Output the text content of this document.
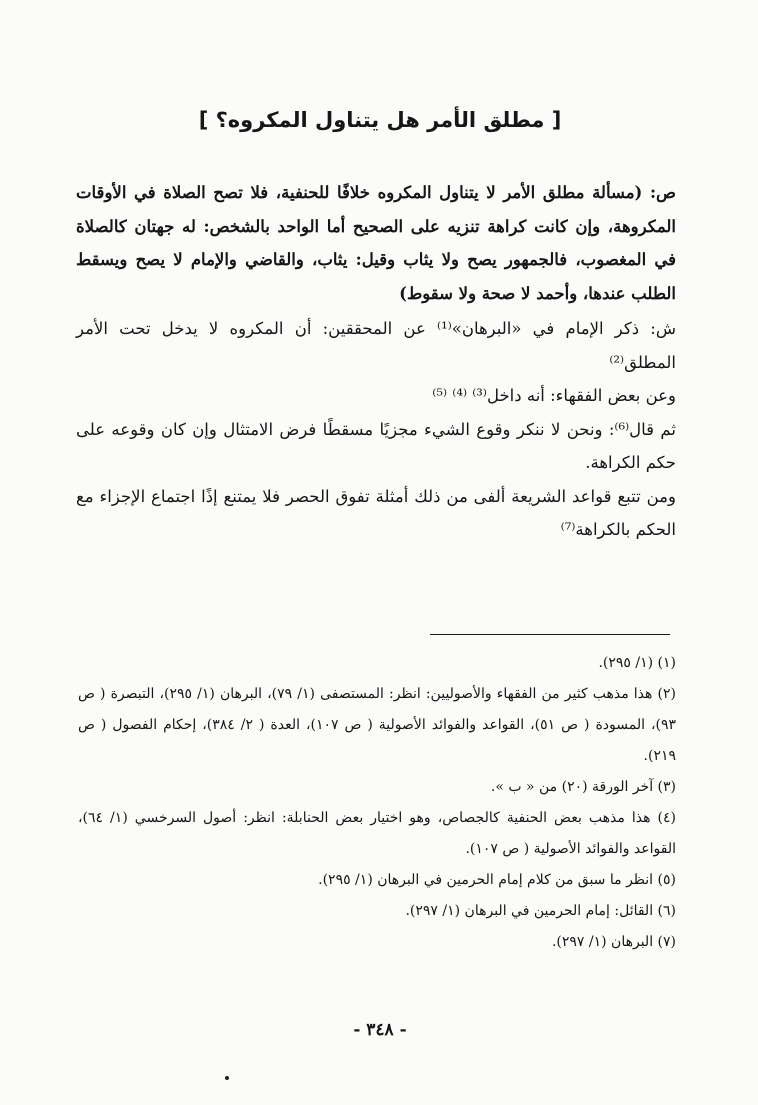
[ مطلق الأمر هل يتناول المكروه؟ ]

ص: (مسألة مطلق الأمر لا يتناول المكروه خلافًا للحنفية، فلا تصح الصلاة في الأوقات المكروهة، وإن كانت كراهة تنزيه على الصحيح أما الواحد بالشخص: له جهتان كالصلاة في المغصوب، فالجمهور يصح ولا يثاب وقيل: يثاب، والقاضي والإمام لا يصح ويسقط الطلب عندها، وأحمد لا صحة ولا سقوط)

ش: ذكر الإمام في «البرهان»⁽¹⁾ عن المحققين: أن المكروه لا يدخل تحت الأمر المطلق⁽²⁾

وعن بعض الفقهاء: أنه داخل⁽³⁾ ⁽⁴⁾ ⁽⁵⁾

ثم قال⁽⁶⁾: ونحن لا ننكر وقوع الشيء مجزيًا مسقطًا فرض الامتثال وإن كان وقوعه على حكم الكراهة.

ومن تتبع قواعد الشريعة ألفى من ذلك أمثلة تفوق الحصر فلا يمتنع إذًا اجتماع الإجزاء مع الحكم بالكراهة⁽⁷⁾

(١) (١/ ٢٩٥).

(٢) هذا مذهب كثير من الفقهاء والأصوليين: انظر: المستصفى (١/ ٧٩)، البرهان (١/ ٢٩٥)، التبصرة ( ص ٩٣)، المسودة ( ص ٥١)، القواعد والفوائد الأصولية ( ص ١٠٧)، العدة ( ٢/ ٣٨٤)، إحكام الفصول ( ص ٢١٩).

(٣) آخر الورقة (٢٠) من « ب ».

(٤) هذا مذهب بعض الحنفية كالجصاص، وهو اختيار بعض الحنابلة: انظر: أصول السرخسي (١/ ٦٤)، القواعد والفوائد الأصولية ( ص ١٠٧).

(٥) انظر ما سبق من كلام إمام الحرمين في البرهان (١/ ٢٩٥).

(٦) القائل: إمام الحرمين في البرهان (١/ ٢٩٧).

(٧) البرهان (١/ ٢٩٧).

- ٣٤٨ -
